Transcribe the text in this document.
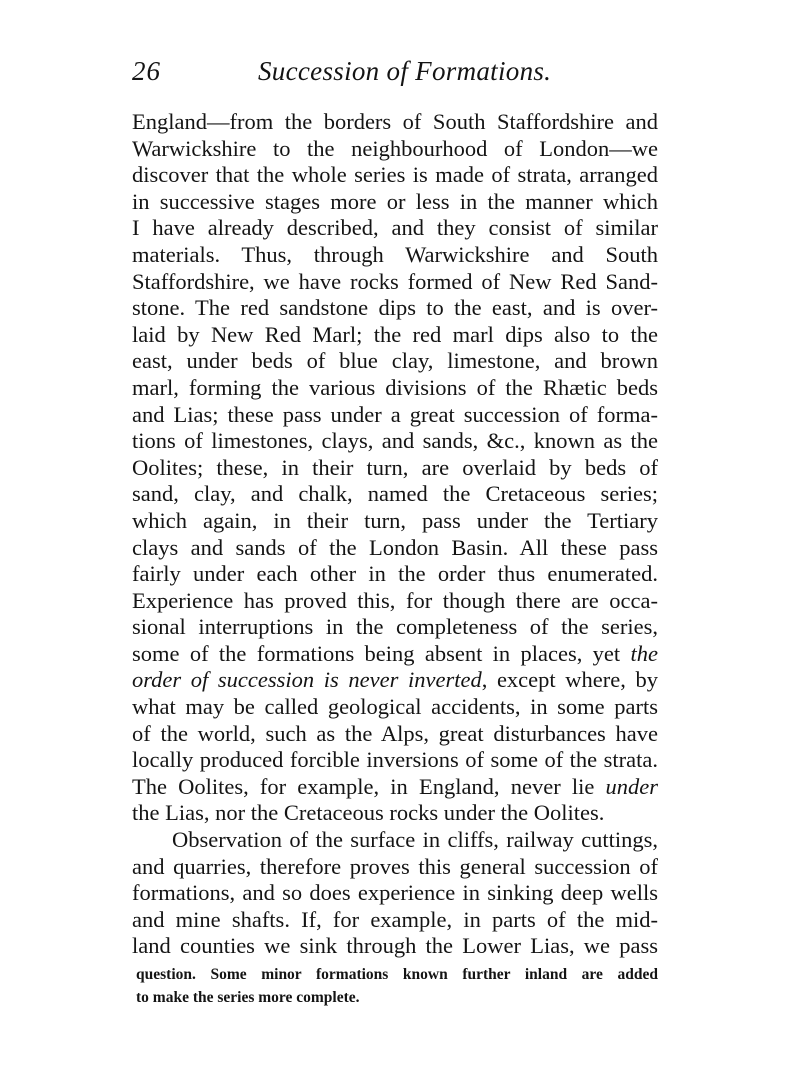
26	Succession of Formations.
England—from the borders of South Staffordshire and
Warwickshire to the neighbourhood of London—we
discover that the whole series is made of strata, arranged
in successive stages more or less in the manner which
I have already described, and they consist of similar
materials. Thus, through Warwickshire and South
Staffordshire, we have rocks formed of New Red Sand-
stone. The red sandstone dips to the east, and is over-
laid by New Red Marl; the red marl dips also to the
east, under beds of blue clay, limestone, and brown
marl, forming the various divisions of the Rhætic beds
and Lias; these pass under a great succession of forma-
tions of limestones, clays, and sands, &c., known as the
Oolites; these, in their turn, are overlaid by beds of
sand, clay, and chalk, named the Cretaceous series;
which again, in their turn, pass under the Tertiary
clays and sands of the London Basin. All these pass
fairly under each other in the order thus enumerated.
Experience has proved this, for though there are occa-
sional interruptions in the completeness of the series,
some of the formations being absent in places, yet the
order of succession is never inverted, except where, by
what may be called geological accidents, in some parts
of the world, such as the Alps, great disturbances have
locally produced forcible inversions of some of the strata.
The Oolites, for example, in England, never lie under
the Lias, nor the Cretaceous rocks under the Oolites.
Observation of the surface in cliffs, railway cuttings,
and quarries, therefore proves this general succession of
formations, and so does experience in sinking deep wells
and mine shafts. If, for example, in parts of the mid-
land counties we sink through the Lower Lias, we pass
question. Some minor formations known further inland are added
to make the series more complete.
